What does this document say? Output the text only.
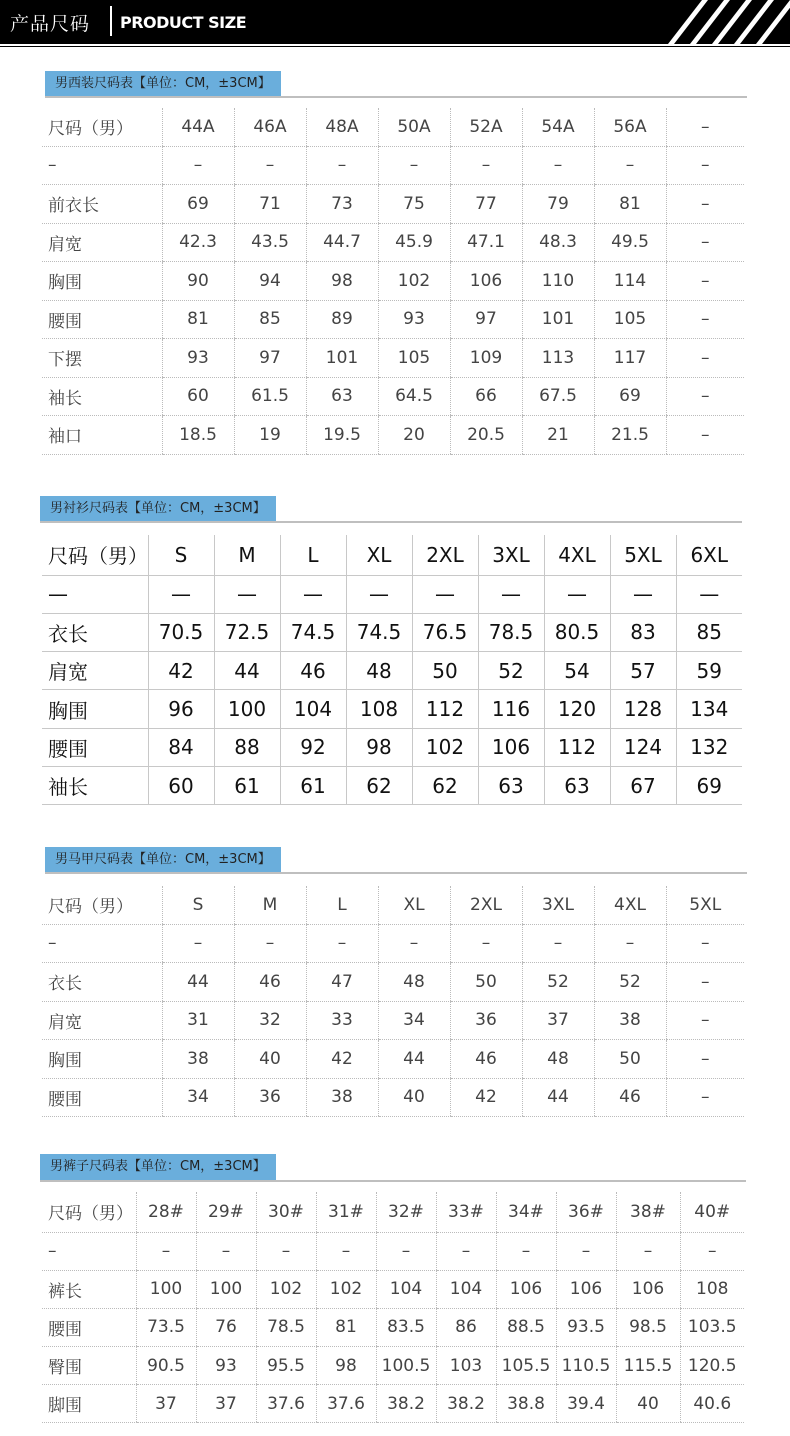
产品尺码 PRODUCT SIZE
男西装尺码表【单位：CM，±3CM】
尺码（男）	44A	46A	48A	50A	52A	54A	56A	–
–	–	–	–	–	–	–	–	–
前衣长	69	71	73	75	77	79	81	–
肩宽	42.3	43.5	44.7	45.9	47.1	48.3	49.5	–
胸围	90	94	98	102	106	110	114	–
腰围	81	85	89	93	97	101	105	–
下摆	93	97	101	105	109	113	117	–
袖长	60	61.5	63	64.5	66	67.5	69	–
袖口	18.5	19	19.5	20	20.5	21	21.5	–
男衬衫尺码表【单位：CM，±3CM】
尺码（男）	S	M	L	XL	2XL	3XL	4XL	5XL	6XL
—	—	—	—	—	—	—	—	—	—
衣长	70.5	72.5	74.5	74.5	76.5	78.5	80.5	83	85
肩宽	42	44	46	48	50	52	54	57	59
胸围	96	100	104	108	112	116	120	128	134
腰围	84	88	92	98	102	106	112	124	132
袖长	60	61	61	62	62	63	63	67	69
男马甲尺码表【单位：CM，±3CM】
尺码（男）	S	M	L	XL	2XL	3XL	4XL	5XL
–	–	–	–	–	–	–	–	–
衣长	44	46	47	48	50	52	52	–
肩宽	31	32	33	34	36	37	38	–
胸围	38	40	42	44	46	48	50	–
腰围	34	36	38	40	42	44	46	–
男裤子尺码表【单位：CM，±3CM】
尺码（男）	28#	29#	30#	31#	32#	33#	34#	36#	38#	40#
–	–	–	–	–	–	–	–	–	–	–
裤长	100	100	102	102	104	104	106	106	106	108
腰围	73.5	76	78.5	81	83.5	86	88.5	93.5	98.5	103.5
臀围	90.5	93	95.5	98	100.5	103	105.5	110.5	115.5	120.5
脚围	37	37	37.6	37.6	38.2	38.2	38.8	39.4	40	40.6
